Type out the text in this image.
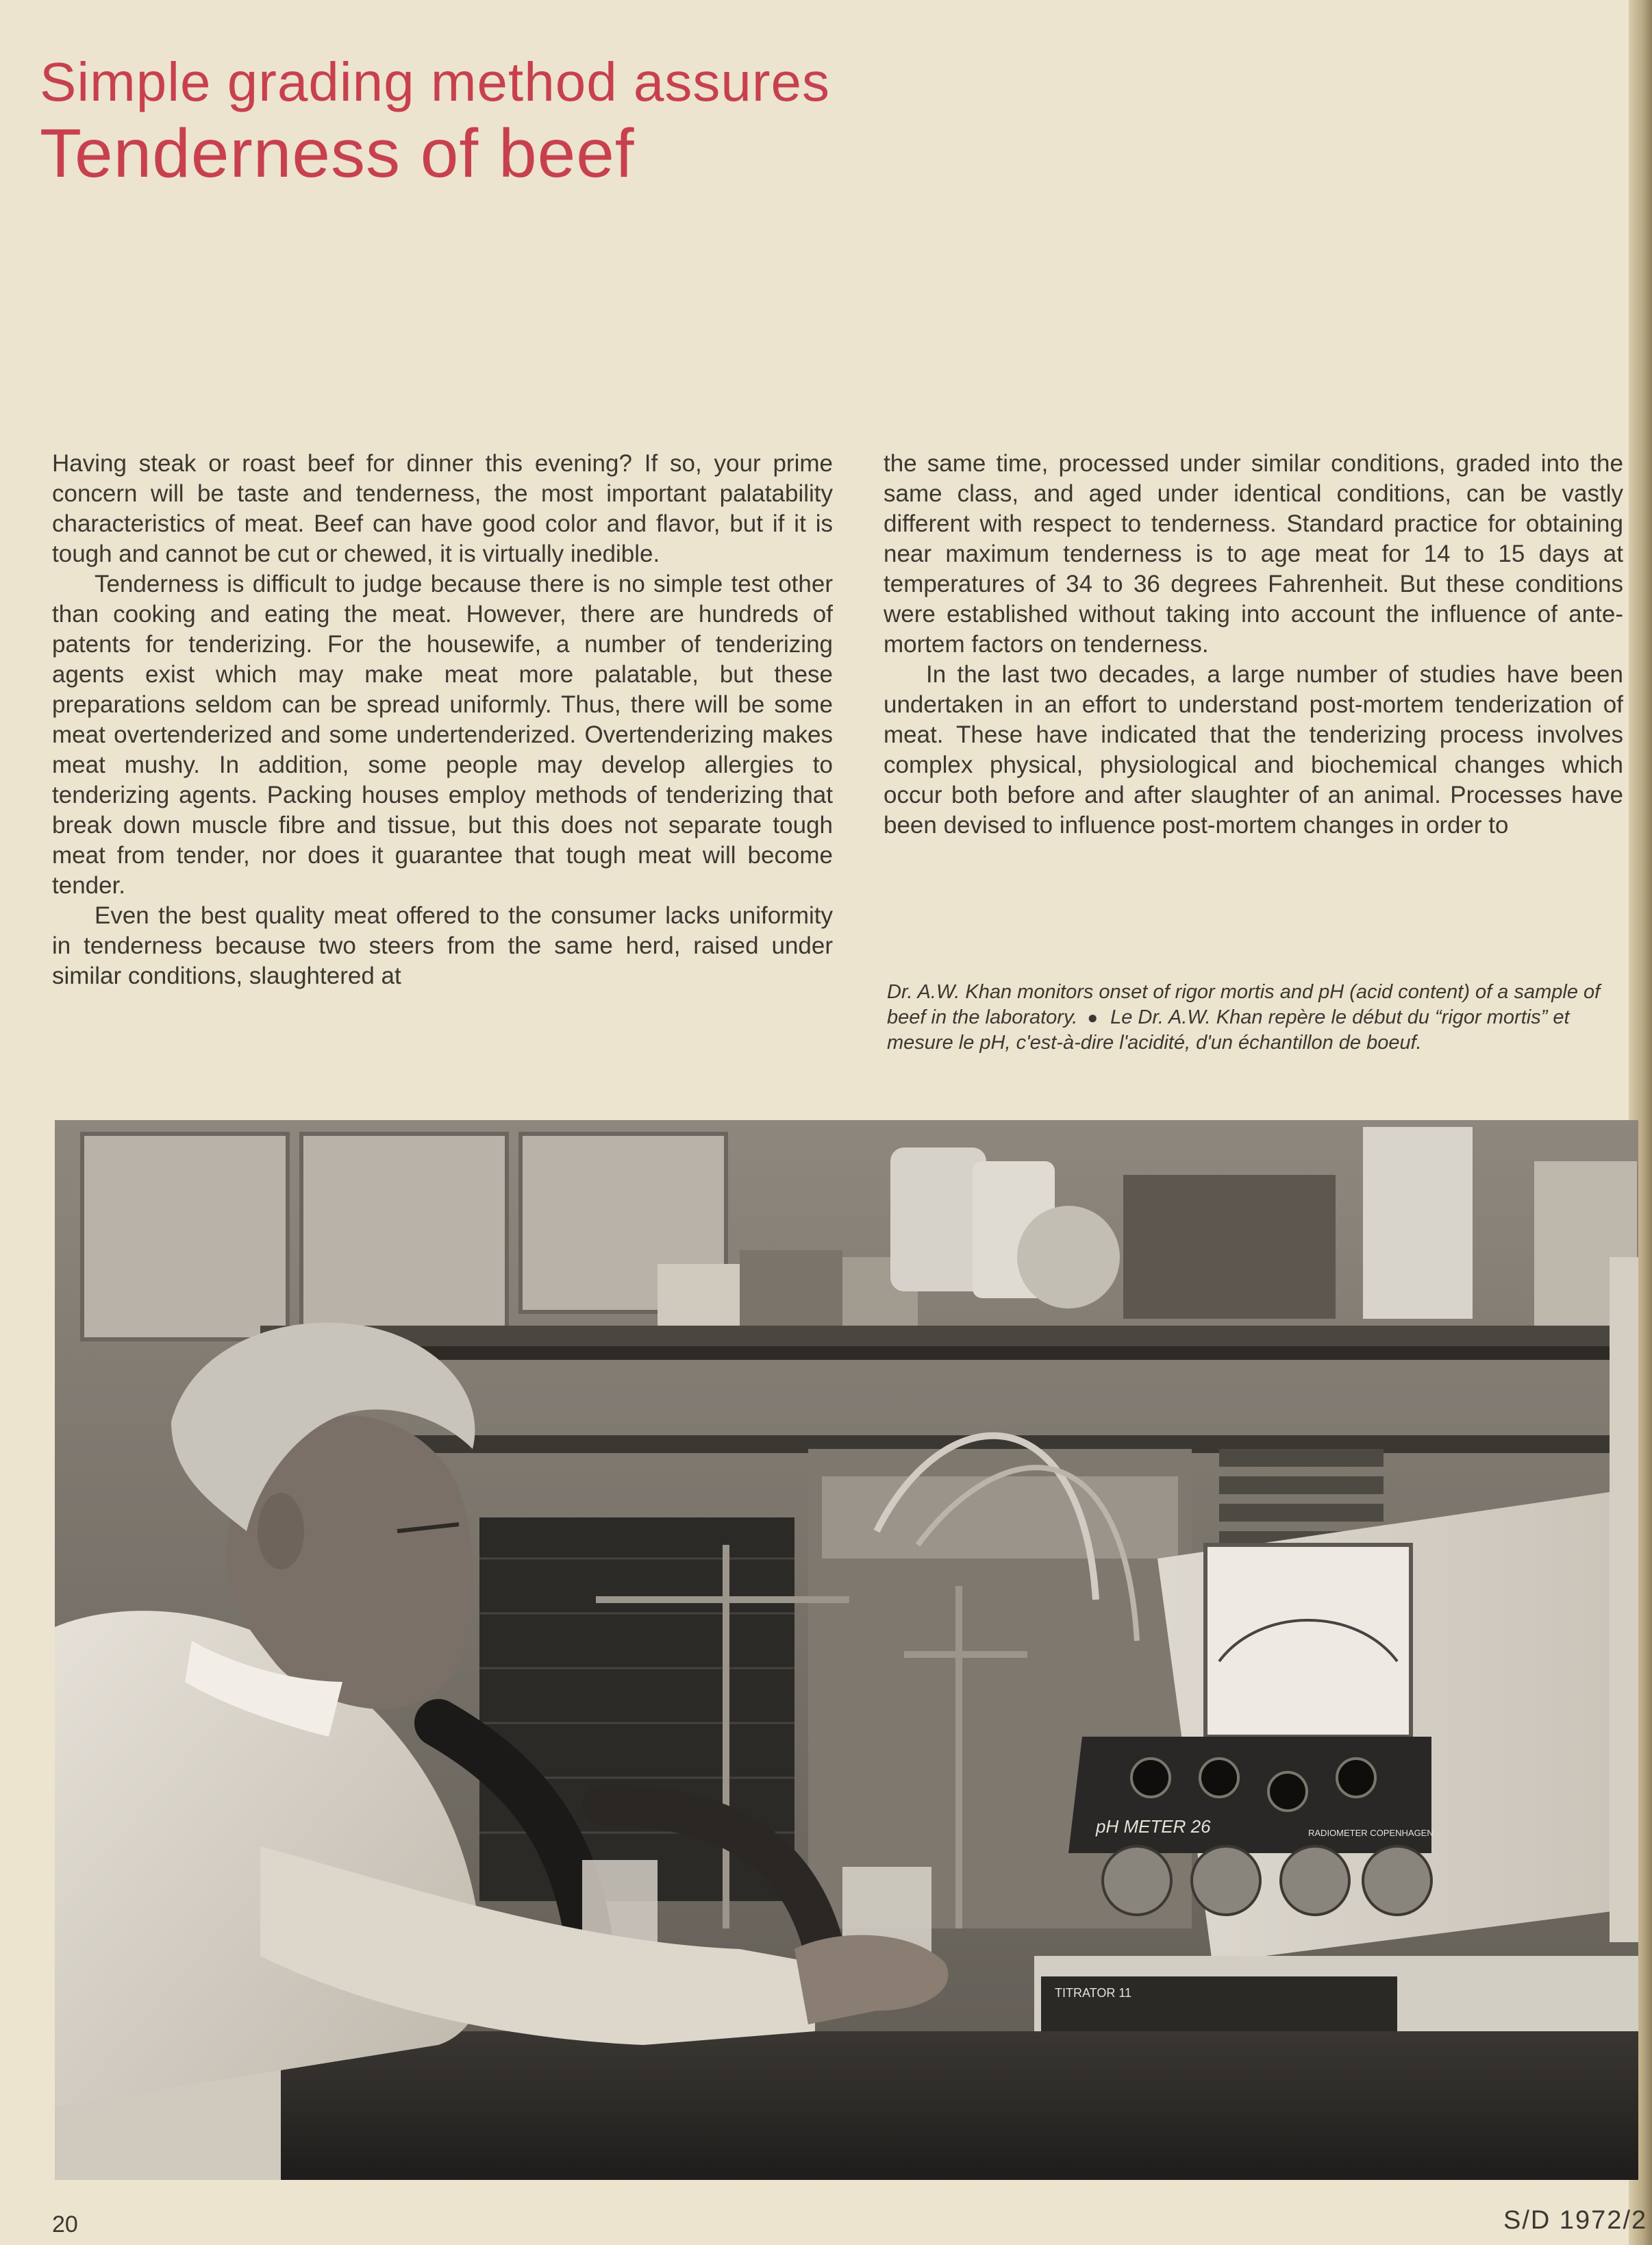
Simple grading method assures
Tenderness of beef

Having steak or roast beef for dinner this evening? If so, your prime concern will be taste and tenderness, the most important palatability characteristics of meat. Beef can have good color and flavor, but if it is tough and cannot be cut or chewed, it is virtually inedible.

Tenderness is difficult to judge because there is no simple test other than cooking and eating the meat. However, there are hundreds of patents for tenderizing. For the housewife, a number of tenderizing agents exist which may make meat more palatable, but these preparations seldom can be spread uniformly. Thus, there will be some meat overtenderized and some undertenderized. Overtenderizing makes meat mushy. In addition, some people may develop allergies to tenderizing agents. Packing houses employ methods of tenderizing that break down muscle fibre and tissue, but this does not separate tough meat from tender, nor does it guarantee that tough meat will become tender.

Even the best quality meat offered to the consumer lacks uniformity in tenderness because two steers from the same herd, raised under similar conditions, slaughtered at

the same time, processed under similar conditions, graded into the same class, and aged under identical conditions, can be vastly different with respect to tenderness. Standard practice for obtaining near maximum tenderness is to age meat for 14 to 15 days at temperatures of 34 to 36 degrees Fahrenheit. But these conditions were established without taking into account the influence of ante-mortem factors on tenderness.

In the last two decades, a large number of studies have been undertaken in an effort to understand post-mortem tenderization of meat. These have indicated that the tenderizing process involves complex physical, physiological and biochemical changes which occur both before and after slaughter of an animal. Processes have been devised to influence post-mortem changes in order to

Dr. A.W. Khan monitors onset of rigor mortis and pH (acid content) of a sample of beef in the laboratory. ● Le Dr. A.W. Khan repère le début du “rigor mortis” et mesure le pH, c'est-à-dire l'acidité, d'un échantillon de boeuf.
pH METER 26	RADIOMETER COPENHAGEN
TITRATOR 11
20	S/D 1972/2
